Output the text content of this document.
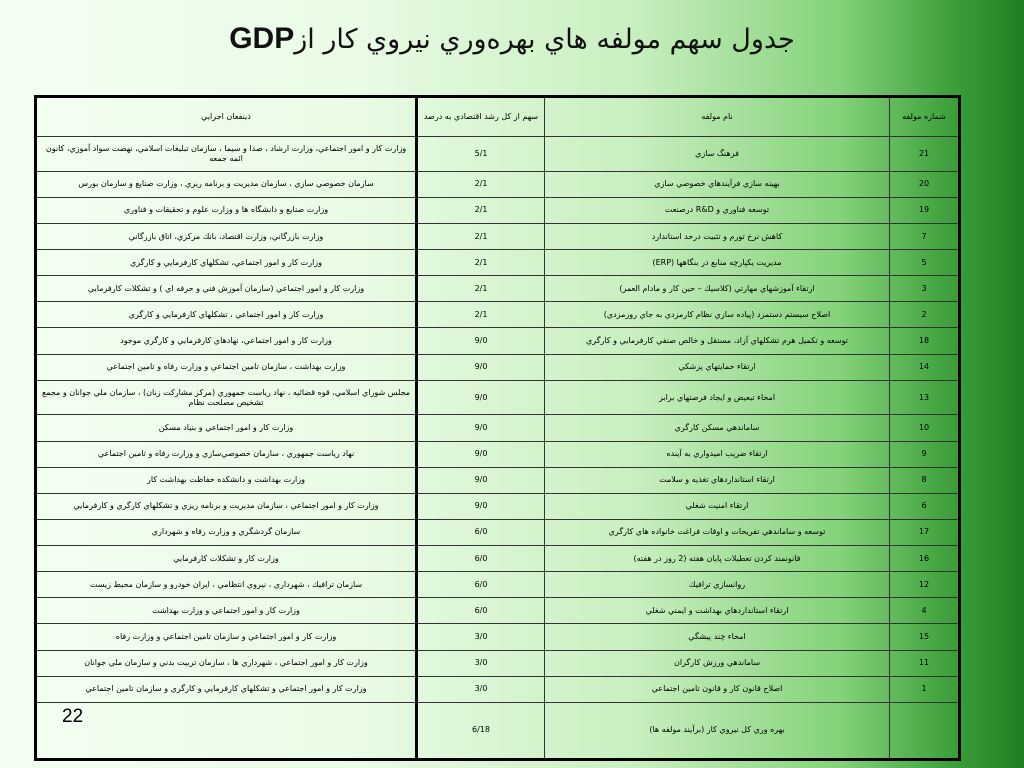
جدول سهم مولفه هاي بهره‌وري نيروي كار ازGDP
شماره مولفه	نام مولفه	سهم از كل رشد اقتصادي به درصد	ذينفعان اجرايي
21	فرهنگ سازي	5/1	وزارت كار و امور اجتماعي، وزارت ارشاد ، صدا و سيما ، سازمان تبليغات اسلامي، نهضت سواد آموزي، كانون ائمه جمعه
20	بهينه سازي فرآيندهاي خصوصي سازي	2/1	سازمان خصوصي سازي ، سازمان مديريت و برنامه ريزي ، وزارت صنايع و سازمان بورس
19	توسعه فناوري و R&D درصنعت	2/1	وزارت صنايع و دانشگاه ها و وزارت علوم و تحقيقات و فناوري
7	كاهش نرخ تورم و تثبيت درحد استاندارد	2/1	وزارت بازرگاني، وزارت اقتصاد، بانك مركزي، اتاق بازرگاني
5	مديريت يكپارچه منابع در بنگاهها (ERP)	2/1	وزارت كار و امور اجتماعي، تشكلهاي كارفرمايي و كارگري
3	ارتقاء آموزشهاي مهارتي (كلاسيك – حين كار و مادام العمر)	2/1	وزارت كار و امور اجتماعي (سازمان آموزش فني و حرفه اي ) و تشكلات كارفرمايي
2	اصلاح سيستم دستمزد (پياده سازي نظام كارمزدي به جاي روزمزدي)	2/1	وزارت كار و امور اجتماعي ، تشكلهاي كارفرمايي و كارگري
18	توسعه و تكميل هرم تشكلهاي آزاد، مستقل و خالص صنفي كارفرمايي و كارگري	9/0	وزارت كار و امور اجتماعي، نهادهاي كارفرمايي و كارگري موجود
14	ارتقاء حمايتهاي پزشكي	9/0	وزارت بهداشت ، سازمان تامين اجتماعي و وزارت رفاه و تامين اجتماعي
13	امحاء تبعيض و ايجاد فرصتهاي برابر	9/0	مجلس شوراي اسلامي، قوه قضائيه ، نهاد رياست جمهوري (مركز مشاركت زنان) ، سازمان ملي جوانان و مجمع تشخيص مصلحت نظام
10	ساماندهي مسكن كارگري	9/0	وزارت كار و امور اجتماعي و بنياد مسكن
9	ارتقاء ضريب اميدواري به آينده	9/0	نهاد رياست جمهوري ، سازمان خصوصي‌سازي و وزارت رفاه و تامين اجتماعي
8	ارتقاء استانداردهاي تغذيه و سلامت	9/0	وزارت بهداشت و دانشكده حفاظت بهداشت كار
6	ارتقاء امنيت شغلي	9/0	وزارت كار و امور اجتماعي ، سازمان مديريت و برنامه ريزي و تشكلهاي كارگري و كارفرمايي
17	توسعه و ساماندهي تفريحات و اوقات فراغت خانواده هاي كارگري	6/0	سازمان گردشگري و وزارت رفاه و شهرداري
16	قانونمند كردن تعطيلات پايان هفته (2 روز در هفته)	6/0	وزارت كار و تشكلات كارفرمايي
12	روانسازي ترافيك	6/0	سازمان ترافيك ، شهرداري ، نيروي انتظامي ، ايران خودرو و سازمان محيط زيست
4	ارتقاء استانداردهاي بهداشت و ايمني شغلي	6/0	وزارت كار و امور اجتماعي و وزارت بهداشت
15	امحاء چند پيشگي	3/0	وزارت كار و امور اجتماعي و سازمان تامين اجتماعي و وزارت رفاه
11	ساماندهي ورزش كارگران	3/0	وزارت كار و امور اجتماعي ، شهرداري ها ، سازمان تربيت بدني و سازمان ملي جوانان
1	اصلاح قانون كار و قانون تامين اجتماعي	3/0	وزارت كار و امور اجتماعي و تشكلهاي كارفرمايي و كارگري و سازمان تامين اجتماعي
	بهره وري كل نيروي كار (برآيند مولفه ها)	6/18	
22
